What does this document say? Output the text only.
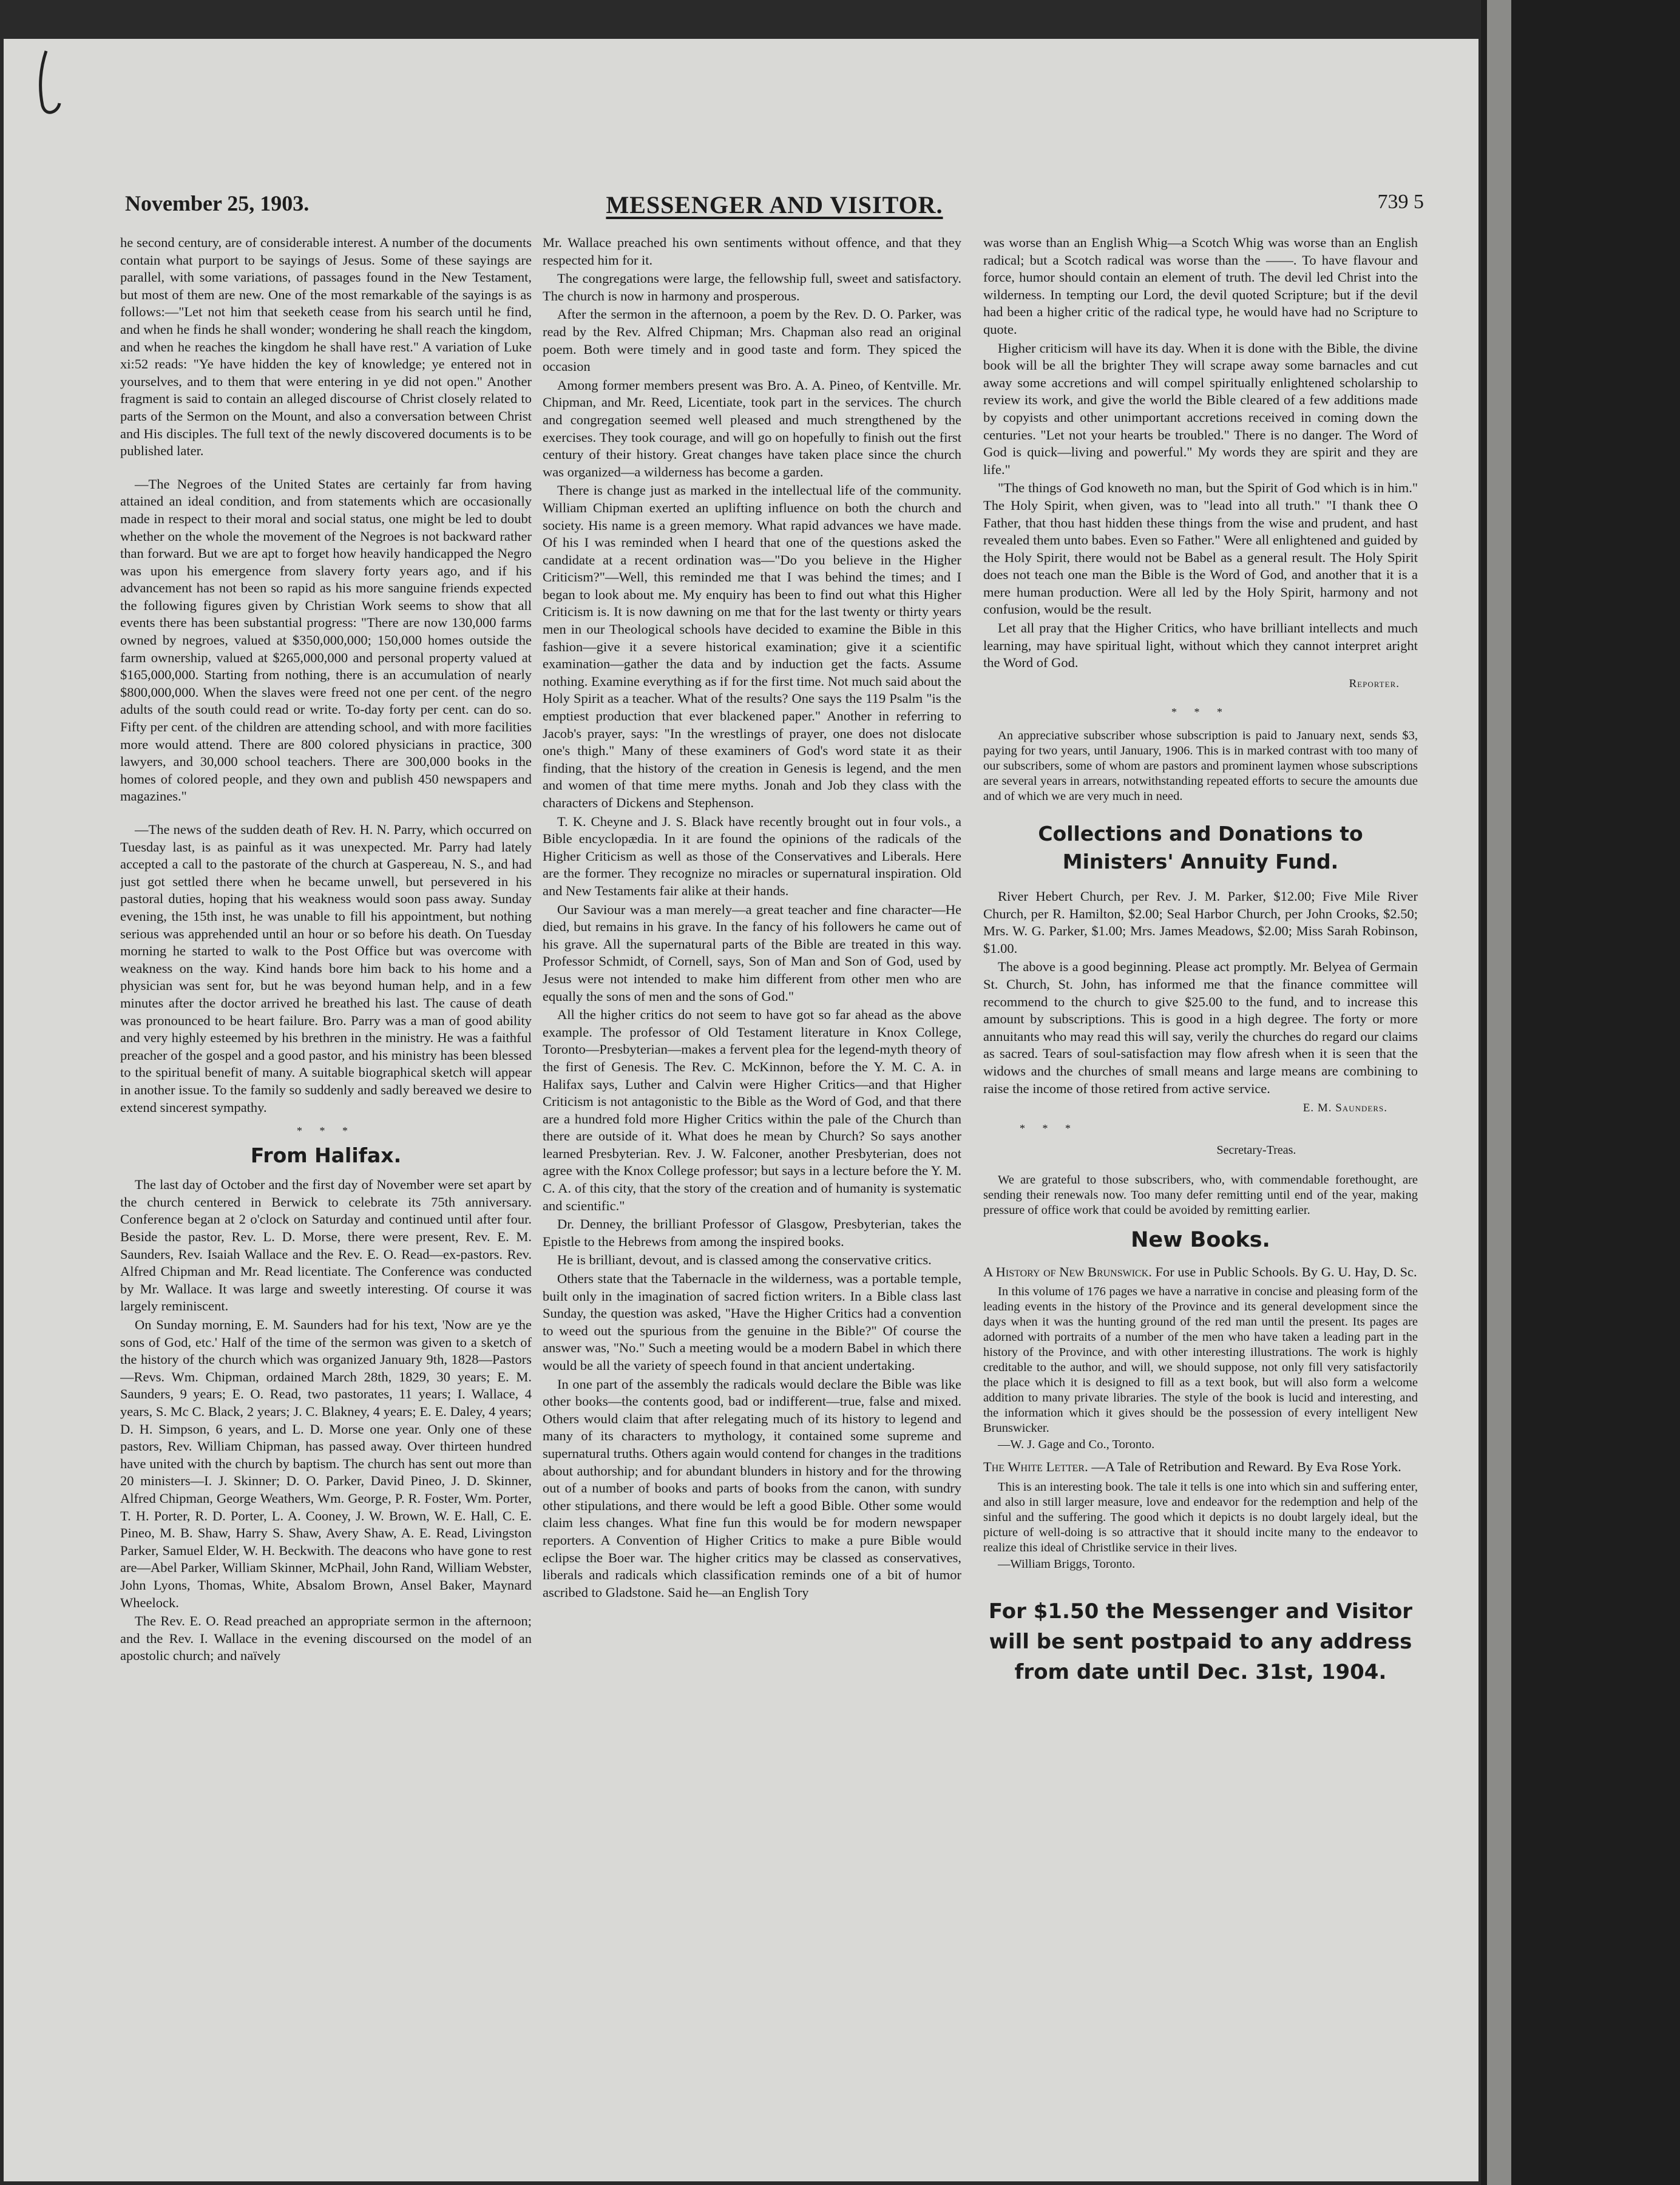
November 25, 1903.	MESSENGER AND VISITOR.	739 5

he second century, are of considerable interest. A number of the documents contain what purport to be sayings of Jesus. Some of these sayings are parallel, with some variations, of passages found in the New Testament, but most of them are new. One of the most remarkable of the sayings is as follows:—"Let not him that seeketh cease from his search until he find, and when he finds he shall wonder; wondering he shall reach the kingdom, and when he reaches the kingdom he shall have rest." A variation of Luke xi:52 reads: "Ye have hidden the key of knowledge; ye entered not in yourselves, and to them that were entering in ye did not open." Another fragment is said to contain an alleged discourse of Christ closely related to parts of the Sermon on the Mount, and also a conversation between Christ and His disciples. The full text of the newly discovered documents is to be published later.

—The Negroes of the United States are certainly far from having attained an ideal condition, and from statements which are occasionally made in respect to their moral and social status, one might be led to doubt whether on the whole the movement of the Negroes is not backward rather than forward. But we are apt to forget how heavily handicapped the Negro was upon his emergence from slavery forty years ago, and if his advancement has not been so rapid as his more sanguine friends expected the following figures given by Christian Work seems to show that all events there has been substantial progress: "There are now 130,000 farms owned by negroes, valued at $350,000,000; 150,000 homes outside the farm ownership, valued at $265,000,000 and personal property valued at $165,000,000. Starting from nothing, there is an accumulation of nearly $800,000,000. When the slaves were freed not one per cent. of the negro adults of the south could read or write. To-day forty per cent. can do so. Fifty per cent. of the children are attending school, and with more facilities more would attend. There are 800 colored physicians in practice, 300 lawyers, and 30,000 school teachers. There are 300,000 books in the homes of colored people, and they own and publish 450 newspapers and magazines."

—The news of the sudden death of Rev. H. N. Parry, which occurred on Tuesday last, is as painful as it was unexpected. Mr. Parry had lately accepted a call to the pastorate of the church at Gaspereau, N. S., and had just got settled there when he became unwell, but persevered in his pastoral duties, hoping that his weakness would soon pass away. Sunday evening, the 15th inst, he was unable to fill his appointment, but nothing serious was apprehended until an hour or so before his death. On Tuesday morning he started to walk to the Post Office but was overcome with weakness on the way. Kind hands bore him back to his home and a physician was sent for, but he was beyond human help, and in a few minutes after the doctor arrived he breathed his last. The cause of death was pronounced to be heart failure. Bro. Parry was a man of good ability and very highly esteemed by his brethren in the ministry. He was a faithful preacher of the gospel and a good pastor, and his ministry has been blessed to the spiritual benefit of many. A suitable biographical sketch will appear in another issue. To the family so suddenly and sadly bereaved we desire to extend sincerest sympathy.

* * *
From Halifax.

The last day of October and the first day of November were set apart by the church centered in Berwick to celebrate its 75th anniversary. Conference began at 2 o'clock on Saturday and continued until after four. Beside the pastor, Rev. L. D. Morse, there were present, Rev. E. M. Saunders, Rev. Isaiah Wallace and the Rev. E. O. Read—ex-pastors. Rev. Alfred Chipman and Mr. Read licentiate. The Conference was conducted by Mr. Wallace. It was large and sweetly interesting. Of course it was largely reminiscent.

On Sunday morning, E. M. Saunders had for his text, 'Now are ye the sons of God, etc.' Half of the time of the sermon was given to a sketch of the history of the church which was organized January 9th, 1828—Pastors—Revs. Wm. Chipman, ordained March 28th, 1829, 30 years; E. M. Saunders, 9 years; E. O. Read, two pastorates, 11 years; I. Wallace, 4 years, S. Mc C. Black, 2 years; J. C. Blakney, 4 years; E. E. Daley, 4 years; D. H. Simpson, 6 years, and L. D. Morse one year. Only one of these pastors, Rev. William Chipman, has passed away. Over thirteen hundred have united with the church by baptism. The church has sent out more than 20 ministers—I. J. Skinner; D. O. Parker, David Pineo, J. D. Skinner, Alfred Chipman, George Weathers, Wm. George, P. R. Foster, Wm. Porter, T. H. Porter, R. D. Porter, L. A. Cooney, J. W. Brown, W. E. Hall, C. E. Pineo, M. B. Shaw, Harry S. Shaw, Avery Shaw, A. E. Read, Livingston Parker, Samuel Elder, W. H. Beckwith. The deacons who have gone to rest are—Abel Parker, William Skinner, McPhail, John Rand, William Webster, John Lyons, Thomas, White, Absalom Brown, Ansel Baker, Maynard Wheelock.

The Rev. E. O. Read preached an appropriate sermon in the afternoon; and the Rev. I. Wallace in the evening discoursed on the model of an apostolic church; and naïvely

Mr. Wallace preached his own sentiments without offence, and that they respected him for it.

The congregations were large, the fellowship full, sweet and satisfactory. The church is now in harmony and prosperous.

After the sermon in the afternoon, a poem by the Rev. D. O. Parker, was read by the Rev. Alfred Chipman; Mrs. Chapman also read an original poem. Both were timely and in good taste and form. They spiced the occasion

Among former members present was Bro. A. A. Pineo, of Kentville. Mr. Chipman, and Mr. Reed, Licentiate, took part in the services. The church and congregation seemed well pleased and much strengthened by the exercises. They took courage, and will go on hopefully to finish out the first century of their history. Great changes have taken place since the church was organized—a wilderness has become a garden.

There is change just as marked in the intellectual life of the community. William Chipman exerted an uplifting influence on both the church and society. His name is a green memory. What rapid advances we have made. Of his I was reminded when I heard that one of the questions asked the candidate at a recent ordination was—"Do you believe in the Higher Criticism?"—Well, this reminded me that I was behind the times; and I began to look about me. My enquiry has been to find out what this Higher Criticism is. It is now dawning on me that for the last twenty or thirty years men in our Theological schools have decided to examine the Bible in this fashion—give it a severe historical examination; give it a scientific examination—gather the data and by induction get the facts. Assume nothing. Examine everything as if for the first time. Not much said about the Holy Spirit as a teacher. What of the results? One says the 119 Psalm "is the emptiest production that ever blackened paper." Another in referring to Jacob's prayer, says: "In the wrestlings of prayer, one does not dislocate one's thigh." Many of these examiners of God's word state it as their finding, that the history of the creation in Genesis is legend, and the men and women of that time mere myths. Jonah and Job they class with the characters of Dickens and Stephenson.

T. K. Cheyne and J. S. Black have recently brought out in four vols., a Bible encyclopædia. In it are found the opinions of the radicals of the Higher Criticism as well as those of the Conservatives and Liberals. Here are the former. They recognize no miracles or supernatural inspiration. Old and New Testaments fair alike at their hands.

Our Saviour was a man merely—a great teacher and fine character—He died, but remains in his grave. In the fancy of his followers he came out of his grave. All the supernatural parts of the Bible are treated in this way. Professor Schmidt, of Cornell, says, Son of Man and Son of God, used by Jesus were not intended to make him different from other men who are equally the sons of men and the sons of God."

All the higher critics do not seem to have got so far ahead as the above example. The professor of Old Testament literature in Knox College, Toronto—Presbyterian—makes a fervent plea for the legend-myth theory of the first of Genesis. The Rev. C. McKinnon, before the Y. M. C. A. in Halifax says, Luther and Calvin were Higher Critics—and that Higher Criticism is not antagonistic to the Bible as the Word of God, and that there are a hundred fold more Higher Critics within the pale of the Church than there are outside of it. What does he mean by Church? So says another learned Presbyterian. Rev. J. W. Falconer, another Presbyterian, does not agree with the Knox College professor; but says in a lecture before the Y. M. C. A. of this city, that the story of the creation and of humanity is systematic and scientific."

Dr. Denney, the brilliant Professor of Glasgow, Presbyterian, takes the Epistle to the Hebrews from among the inspired books.

He is brilliant, devout, and is classed among the conservative critics.

Others state that the Tabernacle in the wilderness, was a portable temple, built only in the imagination of sacred fiction writers. In a Bible class last Sunday, the question was asked, "Have the Higher Critics had a convention to weed out the spurious from the genuine in the Bible?" Of course the answer was, "No." Such a meeting would be a modern Babel in which there would be all the variety of speech found in that ancient undertaking.

In one part of the assembly the radicals would declare the Bible was like other books—the contents good, bad or indifferent—true, false and mixed. Others would claim that after relegating much of its history to legend and many of its characters to mythology, it contained some supreme and supernatural truths. Others again would contend for changes in the traditions about authorship; and for abundant blunders in history and for the throwing out of a number of books and parts of books from the canon, with sundry other stipulations, and there would be left a good Bible. Other some would claim less changes. What fine fun this would be for modern newspaper reporters. A Convention of Higher Critics to make a pure Bible would eclipse the Boer war. The higher critics may be classed as conservatives, liberals and radicals which classification reminds one of a bit of humor ascribed to Gladstone. Said he—an English Tory

was worse than an English Whig—a Scotch Whig was worse than an English radical; but a Scotch radical was worse than the ——. To have flavour and force, humor should contain an element of truth. The devil led Christ into the wilderness. In tempting our Lord, the devil quoted Scripture; but if the devil had been a higher critic of the radical type, he would have had no Scripture to quote.

Higher criticism will have its day. When it is done with the Bible, the divine book will be all the brighter They will scrape away some barnacles and cut away some accretions and will compel spiritually enlightened scholarship to review its work, and give the world the Bible cleared of a few additions made by copyists and other unimportant accretions received in coming down the centuries. "Let not your hearts be troubled." There is no danger. The Word of God is quick—living and powerful." My words they are spirit and they are life."

"The things of God knoweth no man, but the Spirit of God which is in him." The Holy Spirit, when given, was to "lead into all truth." "I thank thee O Father, that thou hast hidden these things from the wise and prudent, and hast revealed them unto babes. Even so Father." Were all enlightened and guided by the Holy Spirit, there would not be Babel as a general result. The Holy Spirit does not teach one man the Bible is the Word of God, and another that it is a mere human production. Were all led by the Holy Spirit, harmony and not confusion, would be the result.

Let all pray that the Higher Critics, who have brilliant intellects and much learning, may have spiritual light, without which they cannot interpret aright the Word of God.

Reporter.

* * *

An appreciative subscriber whose subscription is paid to January next, sends $3, paying for two years, until January, 1906. This is in marked contrast with too many of our subscribers, some of whom are pastors and prominent laymen whose subscriptions are several years in arrears, notwithstanding repeated efforts to secure the amounts due and of which we are very much in need.

Collections and Donations to Ministers' Annuity Fund.

River Hebert Church, per Rev. J. M. Parker, $12.00; Five Mile River Church, per R. Hamilton, $2.00; Seal Harbor Church, per John Crooks, $2.50; Mrs. W. G. Parker, $1.00; Mrs. James Meadows, $2.00; Miss Sarah Robinson, $1.00.

The above is a good beginning. Please act promptly. Mr. Belyea of Germain St. Church, St. John, has informed me that the finance committee will recommend to the church to give $25.00 to the fund, and to increase this amount by subscriptions. This is good in a high degree. The forty or more annuitants who may read this will say, verily the churches do regard our claims as sacred. Tears of soul-satisfaction may flow afresh when it is seen that the widows and the churches of small means and large means are combining to raise the income of those retired from active service.

E. M. Saunders.

* * *

Secretary-Treas.

We are grateful to those subscribers, who, with commendable forethought, are sending their renewals now. Too many defer remitting until end of the year, making pressure of office work that could be avoided by remitting earlier.

New Books.

A History of New Brunswick. For use in Public Schools. By G. U. Hay, D. Sc.

In this volume of 176 pages we have a narrative in concise and pleasing form of the leading events in the history of the Province and its general development since the days when it was the hunting ground of the red man until the present. Its pages are adorned with portraits of a number of the men who have taken a leading part in the history of the Province, and with other interesting illustrations. The work is highly creditable to the author, and will, we should suppose, not only fill very satisfactorily the place which it is designed to fill as a text book, but will also form a welcome addition to many private libraries. The style of the book is lucid and interesting, and the information which it gives should be the possession of every intelligent New Brunswicker.

—W. J. Gage and Co., Toronto.

The White Letter. —A Tale of Retribution and Reward. By Eva Rose York.

This is an interesting book. The tale it tells is one into which sin and suffering enter, and also in still larger measure, love and endeavor for the redemption and help of the sinful and the suffering. The good which it depicts is no doubt largely ideal, but the picture of well-doing is so attractive that it should incite many to the endeavor to realize this ideal of Christlike service in their lives.

—William Briggs, Toronto.

For $1.50 the Messenger and Visitor will be sent postpaid to any address from date until Dec. 31st, 1904.
